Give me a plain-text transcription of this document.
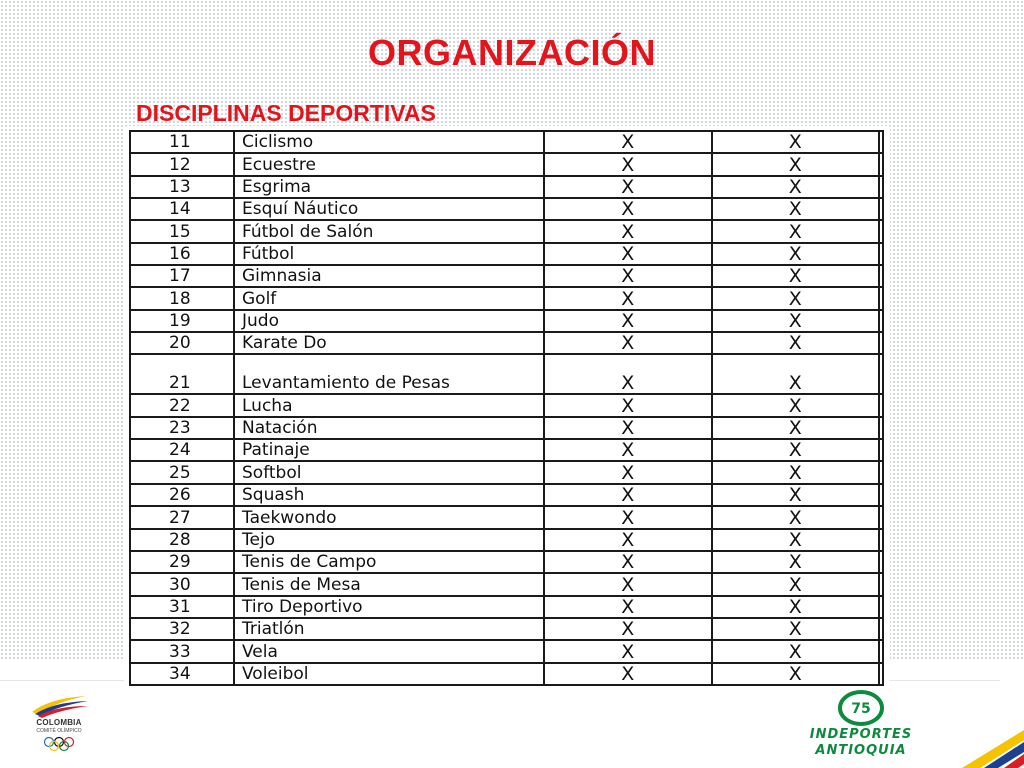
ORGANIZACIÓN
DISCIPLINAS DEPORTIVAS
11	Ciclismo	X	X	
12	Ecuestre	X	X	
13	Esgrima	X	X	
14	Esquí Náutico	X	X	
15	Fútbol de Salón	X	X	
16	Fútbol	X	X	
17	Gimnasia	X	X	
18	Golf	X	X	
19	Judo	X	X	
20	Karate Do	X	X	
21	Levantamiento de Pesas	X	X	
22	Lucha	X	X	
23	Natación	X	X	
24	Patinaje	X	X	
25	Softbol	X	X	
26	Squash	X	X	
27	Taekwondo	X	X	
28	Tejo	X	X	
29	Tenis de Campo	X	X	
30	Tenis de Mesa	X	X	
31	Tiro Deportivo	X	X	
32	Triatlón	X	X	
33	Vela	X	X	
34	Voleibol	X	X	
COLOMBIA
COMITÉ OLÍMPICO
75
INDEPORTES
ANTIOQUIA
